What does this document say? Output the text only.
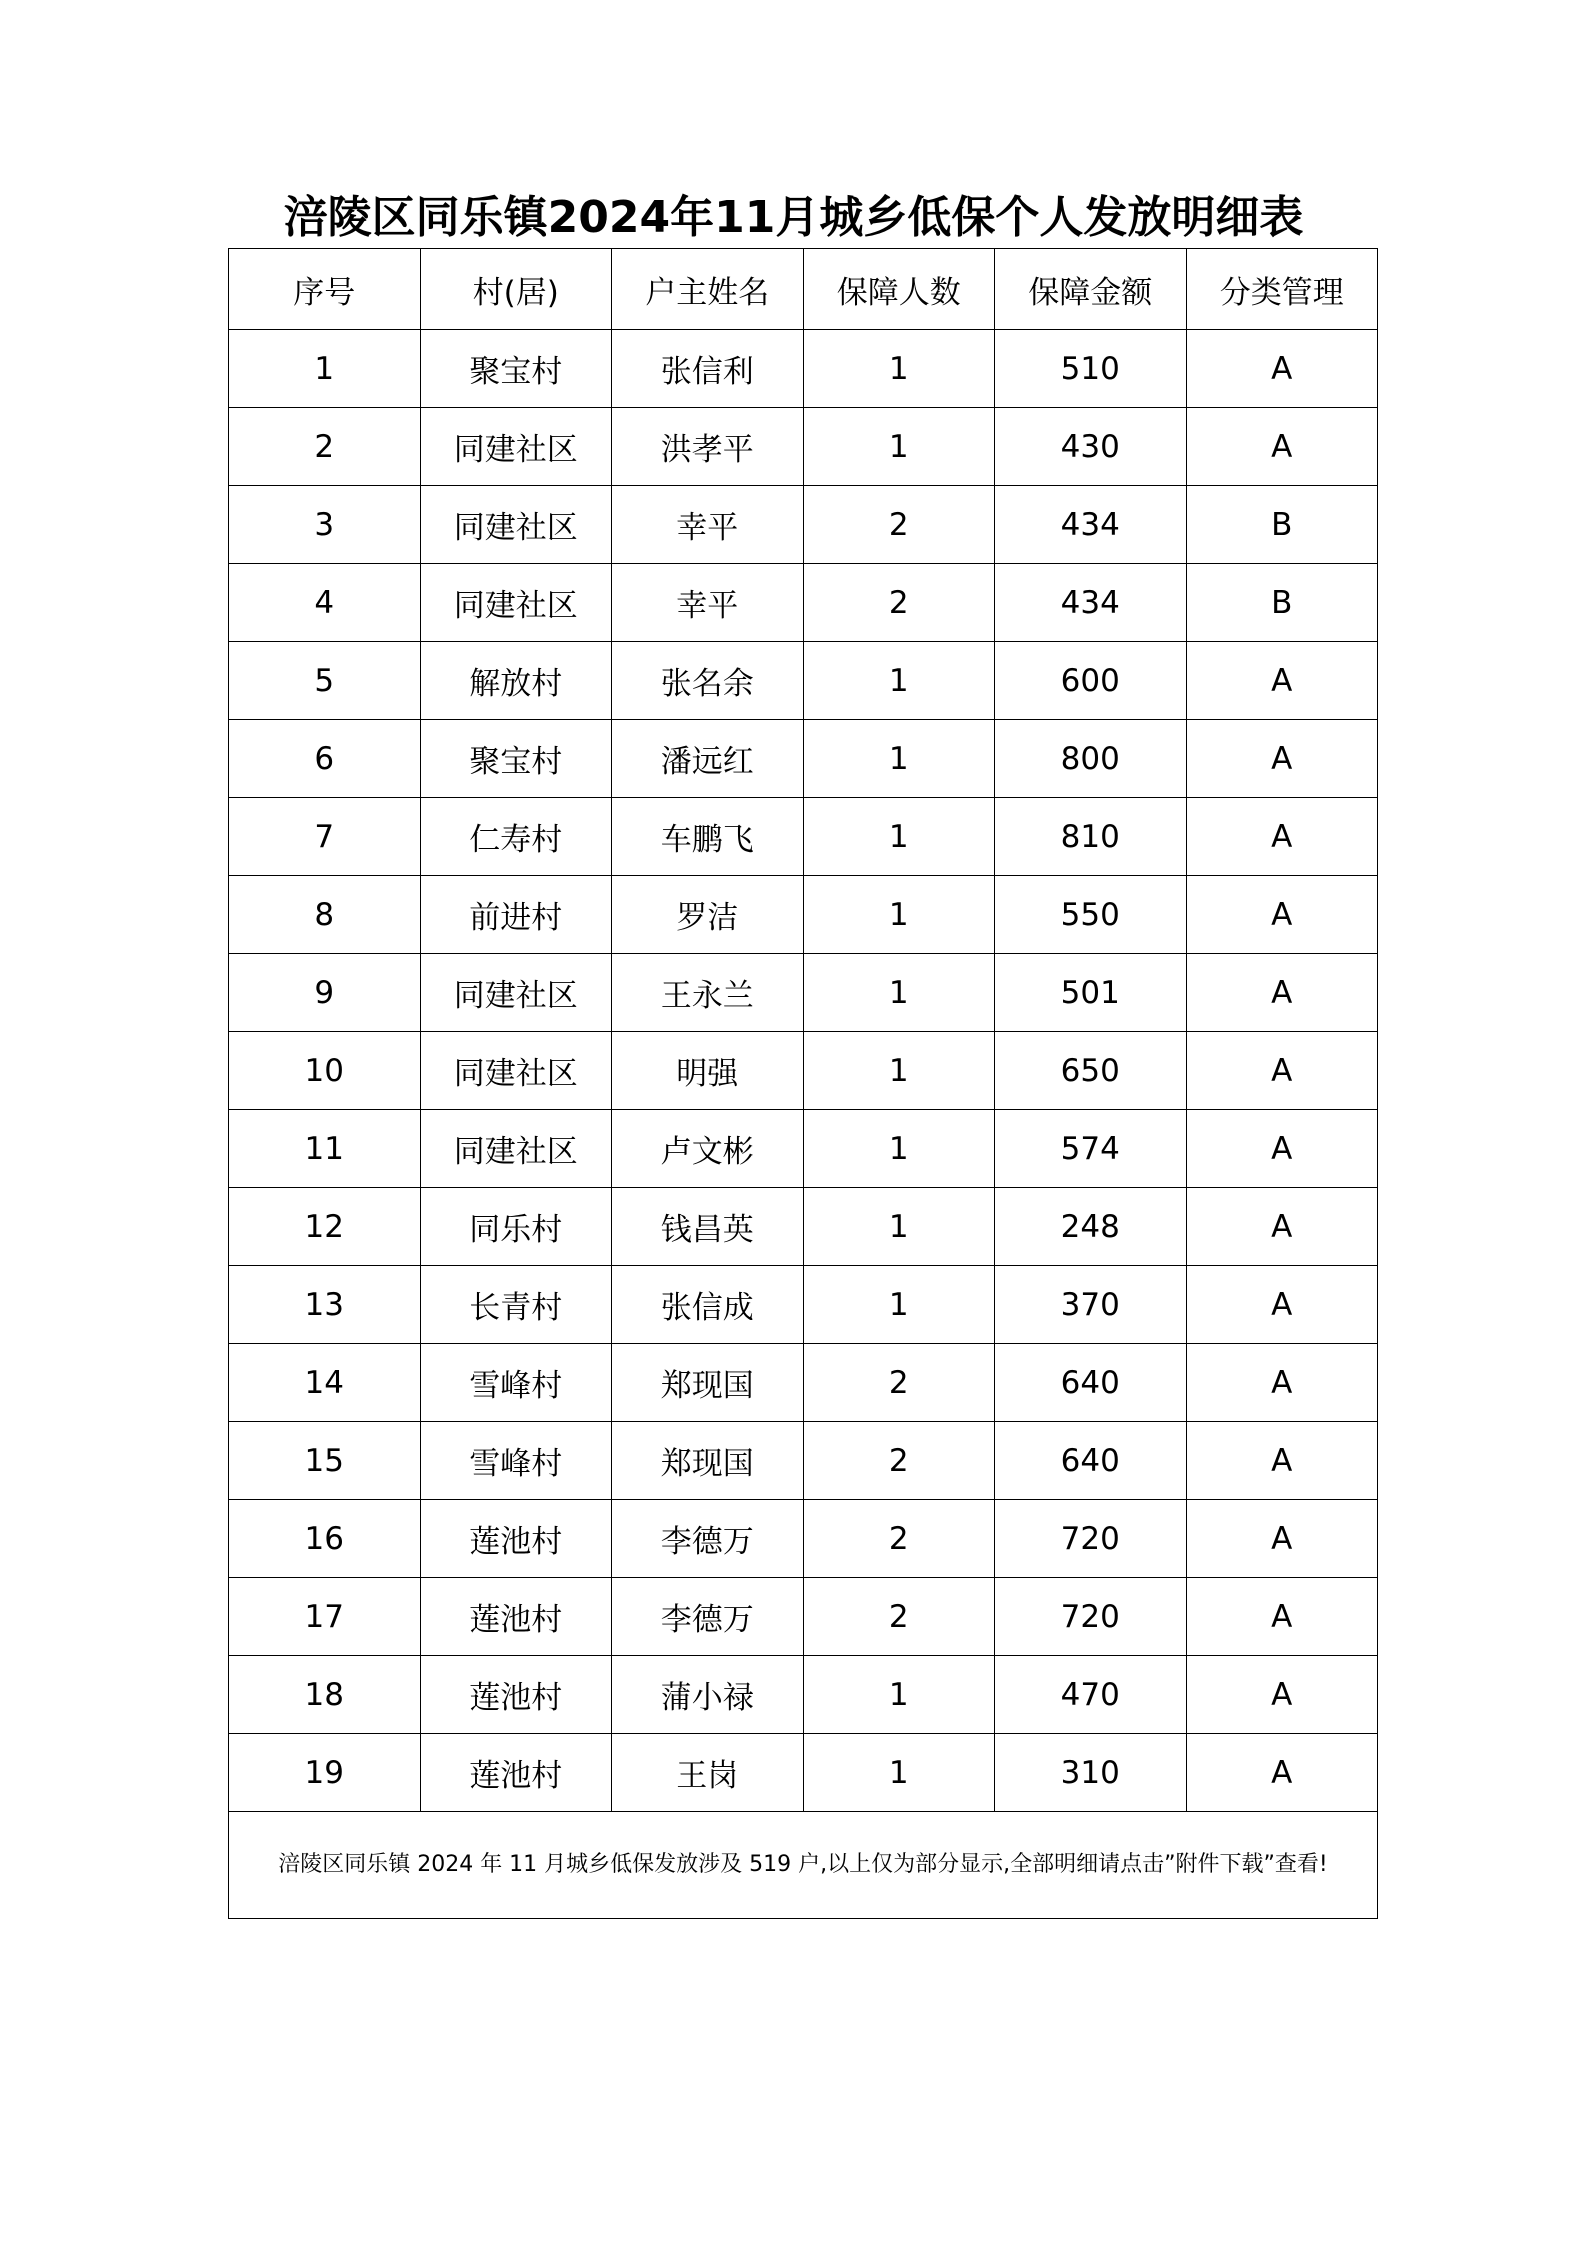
涪陵区同乐镇2024年11月城乡低保个人发放明细表
序号	村(居)	户主姓名	保障人数	保障金额	分类管理
1	聚宝村	张信利	1	510	A
2	同建社区	洪孝平	1	430	A
3	同建社区	幸平	2	434	B
4	同建社区	幸平	2	434	B
5	解放村	张名余	1	600	A
6	聚宝村	潘远红	1	800	A
7	仁寿村	车鹏飞	1	810	A
8	前进村	罗洁	1	550	A
9	同建社区	王永兰	1	501	A
10	同建社区	明强	1	650	A
11	同建社区	卢文彬	1	574	A
12	同乐村	钱昌英	1	248	A
13	长青村	张信成	1	370	A
14	雪峰村	郑现国	2	640	A
15	雪峰村	郑现国	2	640	A
16	莲池村	李德万	2	720	A
17	莲池村	李德万	2	720	A
18	莲池村	蒲小禄	1	470	A
19	莲池村	王岗	1	310	A
涪陵区同乐镇 2024 年 11 月城乡低保发放涉及 519 户,以上仅为部分显示,全部明细请点击”附件下载”查看!					
